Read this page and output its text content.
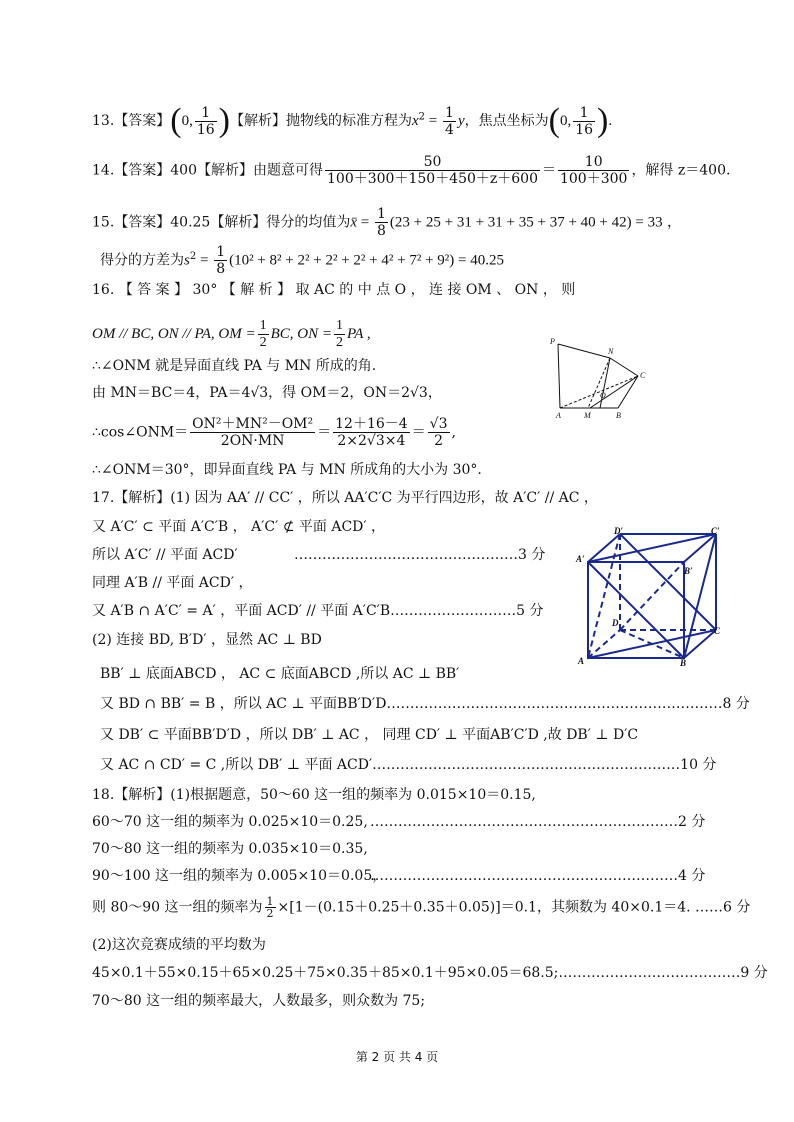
13.【答案】(0, $\frac{1}{16}$ )【解析】抛物线的标准方程为$x^2 = \frac{1}{4}$ y，焦点坐标为(0, $\frac{1}{16}$ ).
14.【答案】400【解析】由题意可得 $\frac{50}{100+300+150+450+z+600} = \frac{10}{100+300}$ ，解得 z＝400.
15.【答案】40.25【解析】得分的均值为x̄ = $\frac{1}{8} (23 + 25 + 31 + 31 + 35 + 37 + 40 + 42) = 33$ ，
得分的方差为$s^2 = \frac{1}{8} (10^2 + 8^2 + 2^2 + 2^2 + 2^2 + 4^2 + 7^2 + 9^2) = 40.25$
16. 【 答 案 】 30° 【 解 析 】 取 AC 的 中 点 O ， 连 接 OM 、 ON ， 则
OM // BC, ON // PA, OM = $\frac{1}{2}$ BC, ON = $\frac{1}{2}$ PA ,
∴∠ONM 就是异面直线 PA 与 MN 所成的角.
由 MN＝BC＝4，PA＝4√3，得 OM＝2，ON＝2√3，
∴cos∠ONM＝ $\frac{\text{ON²＋MN²－OM²}}{2ON\cdot MN} = \frac{12+16-4}{2\times 2√3\times 4} = \frac{√3}{2}$ ,
∴∠ONM＝30°，即异面直线 PA 与 MN 所成角的大小为 30°.
P
N
C
A	M
O
B
17.【解析】(1) 因为 AA′ // CC′ ，所以 AA′C′C 为平行四边形，故 A′C′ // AC ，
又 A′C′ ⊂ 平面 A′C′B ， A′C′ ⊄ 平面 ACD′ ，
所以 A′C′ // 平面 ACD′	…………………………………………3 分
同理 A′B // 平面 ACD′ ，
又 A′B ∩ A′C′ = A′ ，平面 ACD′ // 平面 A′C′B………………………5 分
(2) 连接 BD, B′D′ ，显然 AC ⊥ BD
BB′ ⊥ 底面ABCD ， AC ⊂ 底面ABCD ,所以 AC ⊥ BB′
又 BD ∩ BB′ = B ，所以 AC ⊥ 平面BB′D′D………………………………………………………………8 分
又 DB′ ⊂ 平面BB′D′D ，所以 DB′ ⊥ AC ， 同理 CD′ ⊥ 平面AB′C′D ,故 DB′ ⊥ D′C
又 AC ∩ CD′ = C ,所以 DB′ ⊥ 平面 ACD′…………………………………………………………10 分
D′	C′
A′
B′
D
C
A	B
18.【解析】(1)根据题意，50～60 这一组的频率为 0.015×10＝0.15,
60～70 这一组的频率为 0.025×10＝0.25, …………………………………………………………2 分
70～80 这一组的频率为 0.035×10＝0.35,
90～100 这一组的频率为 0.005×10＝0.05，
…………………………………………………………4 分
则 80～90 这一组的频率为 $\frac{1}{2} \times[1-(0.15+0.25+0.35+0.05)]=0.1$，其频数为 40×0.1＝4. ……6 分
(2)这次竞赛成绩的平均数为
45×0.1＋55×0.15＋65×0.25＋75×0.35＋85×0.1＋95×0.05＝68.5;…………………………………9 分
70～80 这一组的频率最大，人数最多，则众数为 75;
第 2 页 共 4 页
